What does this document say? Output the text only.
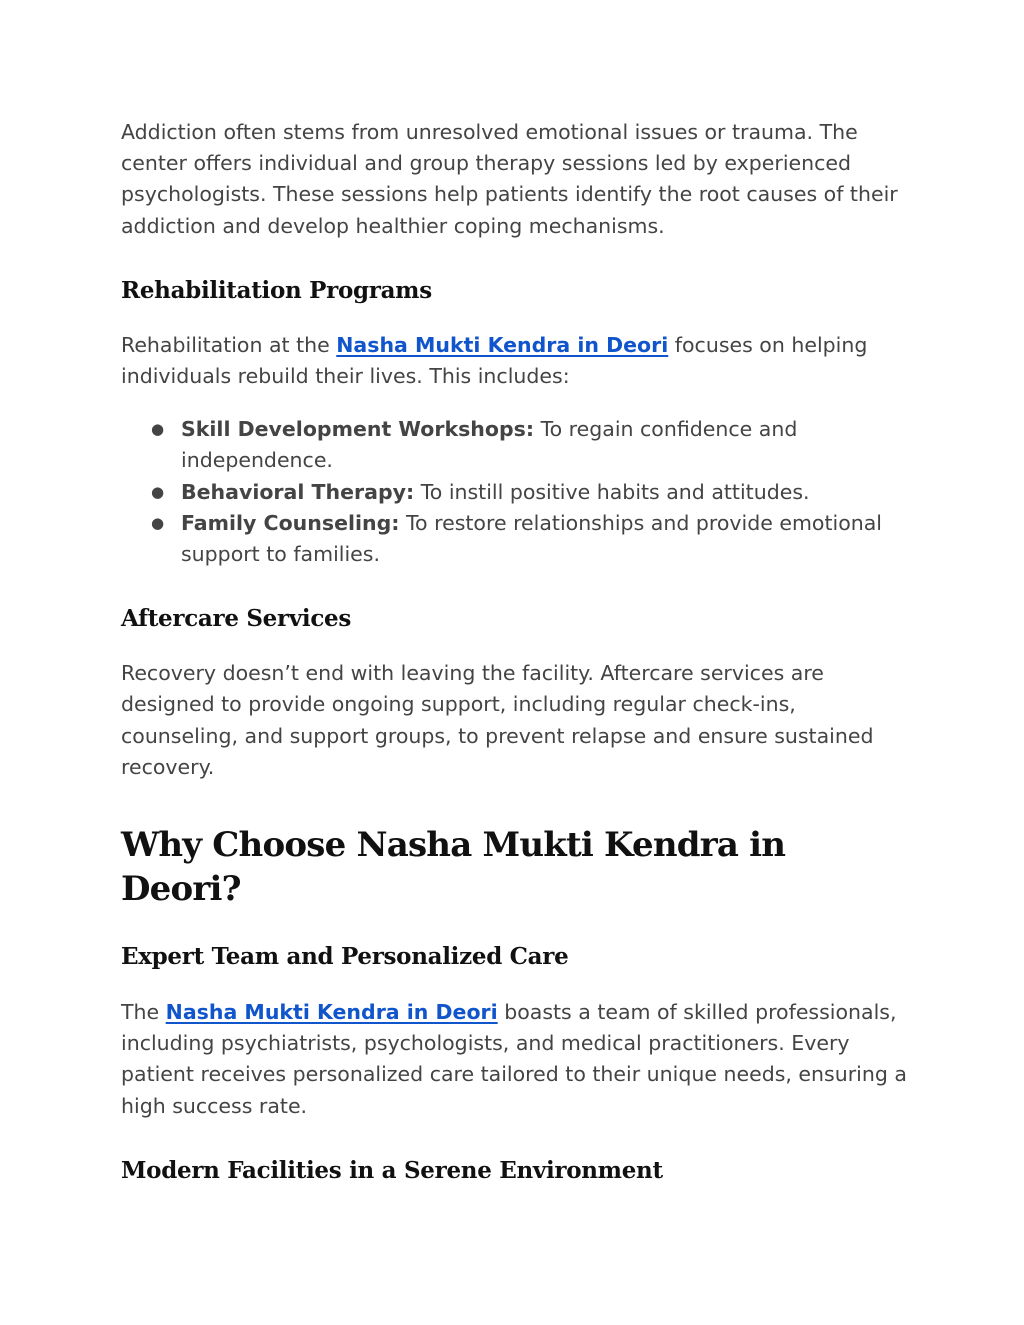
Addiction often stems from unresolved emotional issues or trauma. The center offers individual and group therapy sessions led by experienced psychologists. These sessions help patients identify the root causes of their addiction and develop healthier coping mechanisms.

Rehabilitation Programs

Rehabilitation at the Nasha Mukti Kendra in Deori focuses on helping individuals rebuild their lives. This includes:

● Skill Development Workshops: To regain confidence and independence.
● Behavioral Therapy: To instill positive habits and attitudes.
● Family Counseling: To restore relationships and provide emotional support to families.
Aftercare Services

Recovery doesn’t end with leaving the facility. Aftercare services are designed to provide ongoing support, including regular check-ins, counseling, and support groups, to prevent relapse and ensure sustained recovery.

Why Choose Nasha Mukti Kendra in Deori?
Expert Team and Personalized Care

The Nasha Mukti Kendra in Deori boasts a team of skilled professionals, including psychiatrists, psychologists, and medical practitioners. Every patient receives personalized care tailored to their unique needs, ensuring a high success rate.

Modern Facilities in a Serene Environment
